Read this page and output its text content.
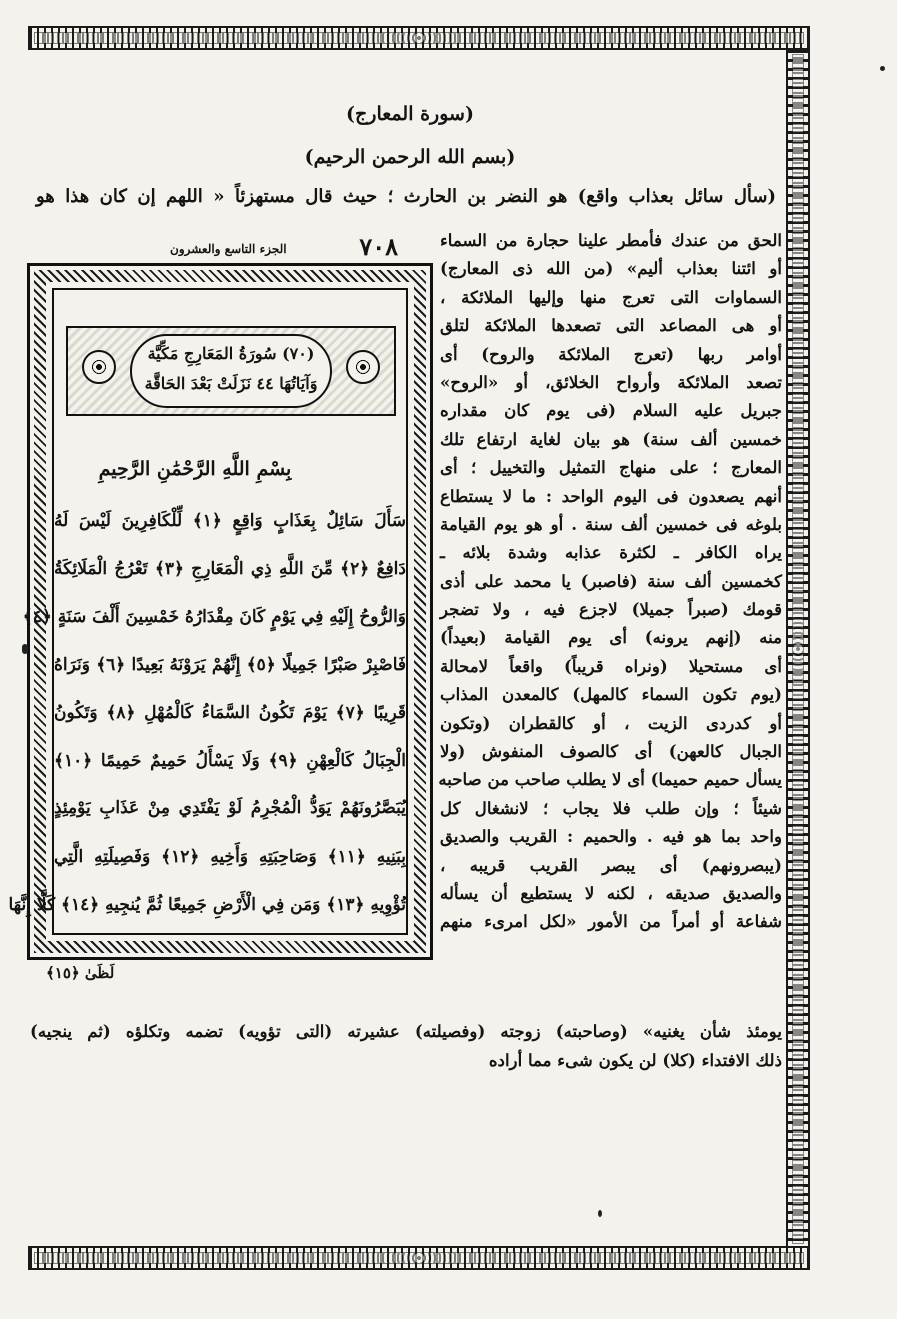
(سورة المعارج)
(بسم الله الرحمن الرحيم)
(سأل سائل بعذاب واقع) هو النضر بن الحارث ؛ حيث قال مستهزئاً « اللهم إن كان هذا هو
٧٠٨
الجزء التاسع والعشرون	الحق من عندك فأمطر علينا حجارة من السماء
أو ائتنا بعذاب أليم» (من الله ذى المعارج)
السماوات التى تعرج منها وإليها الملائكة ،
أو هى المصاعد التى تصعدها الملائكة لتلق
أوامر ربها (تعرج الملائكة والروح) أى
تصعد الملائكة وأرواح الخلائق، أو «الروح»
جبريل عليه السلام (فى يوم كان مقداره
خمسين ألف سنة) هو بيان لغاية ارتفاع تلك
المعارج ؛ على منهاج التمثيل والتخييل ؛ أى
أنهم يصعدون فى اليوم الواحد : ما لا يستطاع
بلوغه فى خمسين ألف سنة . أو هو يوم القيامة
يراه الكافر ـ لكثرة عذابه وشدة بلائه ـ
كخمسين ألف سنة (فاصبر) يا محمد على أذى
قومك (صبراً جميلا) لاجزع فيه ، ولا تضجر
منه (إنهم يرونه) أى يوم القيامة (بعيداً)
أى مستحيلا (ونراه قريباً) واقعاً لامحالة
(يوم تكون السماء كالمهل) كالمعدن المذاب
أو كدردى الزيت ، أو كالقطران (وتكون
الجبال كالعهن) أى كالصوف المنفوش (ولا
يسأل حميم حميما) أى لا يطلب صاحب من صاحبه
شيئاً ؛ وإن طلب فلا يجاب ؛ لانشغال كل
واحد بما هو فيه . والحميم : القريب والصديق
(يبصرونهم) أى يبصر القريب قريبه ،
والصديق صديقه ، لكنه لا يستطيع أن يسأله
شفاعة أو أمراً من الأمور «لكل امرىء منهم
(٧٠) سُورَةُ المَعَارِجِ مَكِّيَّة
وَآيَاتُهَا ٤٤ نَزَلَتْ بَعْدَ الحَاقَّة
بِسْمِ اللَّهِ الرَّحْمَٰنِ الرَّحِيمِ
سَأَلَ سَائِلٌ بِعَذَابٍ وَاقِعٍ ﴿١﴾ لِّلْكَافِرِينَ لَيْسَ لَهُ
دَافِعٌ ﴿٢﴾ مِّنَ اللَّهِ ذِي الْمَعَارِجِ ﴿٣﴾ تَعْرُجُ الْمَلَائِكَةُ
وَالرُّوحُ إِلَيْهِ فِي يَوْمٍ كَانَ مِقْدَارُهُ خَمْسِينَ أَلْفَ سَنَةٍ ﴿٤﴾
فَاصْبِرْ صَبْرًا جَمِيلًا ﴿٥﴾ إِنَّهُمْ يَرَوْنَهُ بَعِيدًا ﴿٦﴾ وَنَرَاهُ
قَرِيبًا ﴿٧﴾ يَوْمَ تَكُونُ السَّمَاءُ كَالْمُهْلِ ﴿٨﴾ وَتَكُونُ
الْجِبَالُ كَالْعِهْنِ ﴿٩﴾ وَلَا يَسْأَلُ حَمِيمٌ حَمِيمًا ﴿١٠﴾
يُبَصَّرُونَهُمْ يَوَدُّ الْمُجْرِمُ لَوْ يَفْتَدِي مِنْ عَذَابِ يَوْمِئِذٍ
بِبَنِيهِ ﴿١١﴾ وَصَاحِبَتِهِ وَأَخِيهِ ﴿١٢﴾ وَفَصِيلَتِهِ الَّتِي
تُؤْوِيهِ ﴿١٣﴾ وَمَن فِي الْأَرْضِ جَمِيعًا ثُمَّ يُنجِيهِ ﴿١٤﴾ كَلَّا إِنَّهَا
لَظَىٰ ﴿١٥﴾
يومئذ شأن يغنيه» (وصاحبته) زوجته (وفصيلته) عشيرته (التى تؤويه) تضمه وتكلؤه (ثم ينجيه)
ذلك الافتداء (كلا) لن يكون شىء مما أراده
